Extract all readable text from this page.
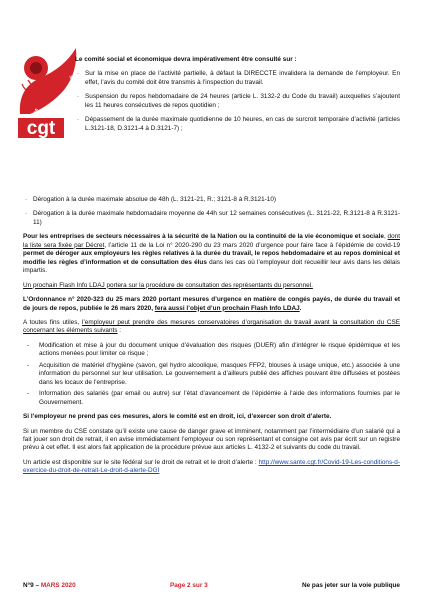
SANTÉ ACTION SOCIALE
cgt

Le comité social et économique devra impérativement être consulté sur :

· Sur la mise en place de l’activité partielle, à défaut la DIRECCTE invalidera la demande de l’employeur. En effet, l’avis du comité doit être transmis à l’inspection du travail.

· Suspension du repos hebdomadaire de 24 heures (article L. 3132-2 du Code du travail) auxquelles s’ajoutent les 11 heures consécutives de repos quotidien ;

· Dépassement de la durée maximale quotidienne de 10 heures, en cas de surcroit temporaire d’activité (articles L.3121-18, D.3121-4 à D.3121-7) ;

· Dérogation à la durée maximale absolue de 48h (L. 3121-21, R.; 3121-8 à R.3121-10)

· Dérogation à la durée maximale hebdomadaire moyenne de 44h sur 12 semaines consécutives (L. 3121-22, R.3121-8 à R.3121-11)

Pour les entreprises de secteurs nécessaires à la sécurité de la Nation ou la continuité de la vie économique et sociale, dont la liste sera fixée par Décret, l’article 11 de la Loi n° 2020-290 du 23 mars 2020 d’urgence pour faire face à l’épidémie de covid-19 permet de déroger aux employeurs les règles relatives à la durée du travail, le repos hebdomadaire et au repos dominical et modifie les règles d’information et de consultation des élus dans les cas où l’employeur doit recueillir leur avis dans les délais impartis.

Un prochain Flash Info LDAJ portera sur la procédure de consultation des représentants du personnel.

L’Ordonnance n° 2020-323 du 25 mars 2020 portant mesures d’urgence en matière de congés payés, de durée du travail et de jours de repos, publiée le 26 mars 2020, fera aussi l’objet d’un prochain Flash Info LDAJ.

A toutes fins utiles, l’employeur peut prendre des mesures conservatoires d’organisation du travail avant la consultation du CSE concernant les éléments suivants :

- Modification et mise à jour du document unique d’évaluation des risques (DUER) afin d’intégrer le risque épidémique et les actions menées pour limiter ce risque ;
- Acquisition de matériel d’hygiène (savon, gel hydro alcoolique, masques FFP2, blouses à usage unique, etc.) associée à une information du personnel sur leur utilisation. Le gouvernement a d’ailleurs publié des affiches pouvant être diffusées et postées dans les locaux de l’entreprise.
- Information des salariés (par email ou autre) sur l’état d’avancement de l’épidémie à l’aide des informations fournies par le Gouvernement.

Si l’employeur ne prend pas ces mesures, alors le comité est en droit, ici, d’exercer son droit d’alerte.

Si un membre du CSE constate qu’il existe une cause de danger grave et imminent, notamment par l’intermédiaire d’un salarié qui a fait jouer son droit de retrait, il en avise immédiatement l’employeur ou son représentant et consigne cet avis par écrit sur un registre prévu à cet effet. Il est alors fait application de la procédure prévue aux articles L. 4132-2 et suivants du code du travail.

Un article est disponible sur le site fédéral sur le droit de retrait et le droit d’alerte : http://www.sante.cgt.fr/Covid-19-Les-conditions-d-exercice-du-droit-de-retrait-Le-droit-d-alerte-DGI

N°9 – MARS 2020	Page 2 sur 3	Ne pas jeter sur la voie publique
